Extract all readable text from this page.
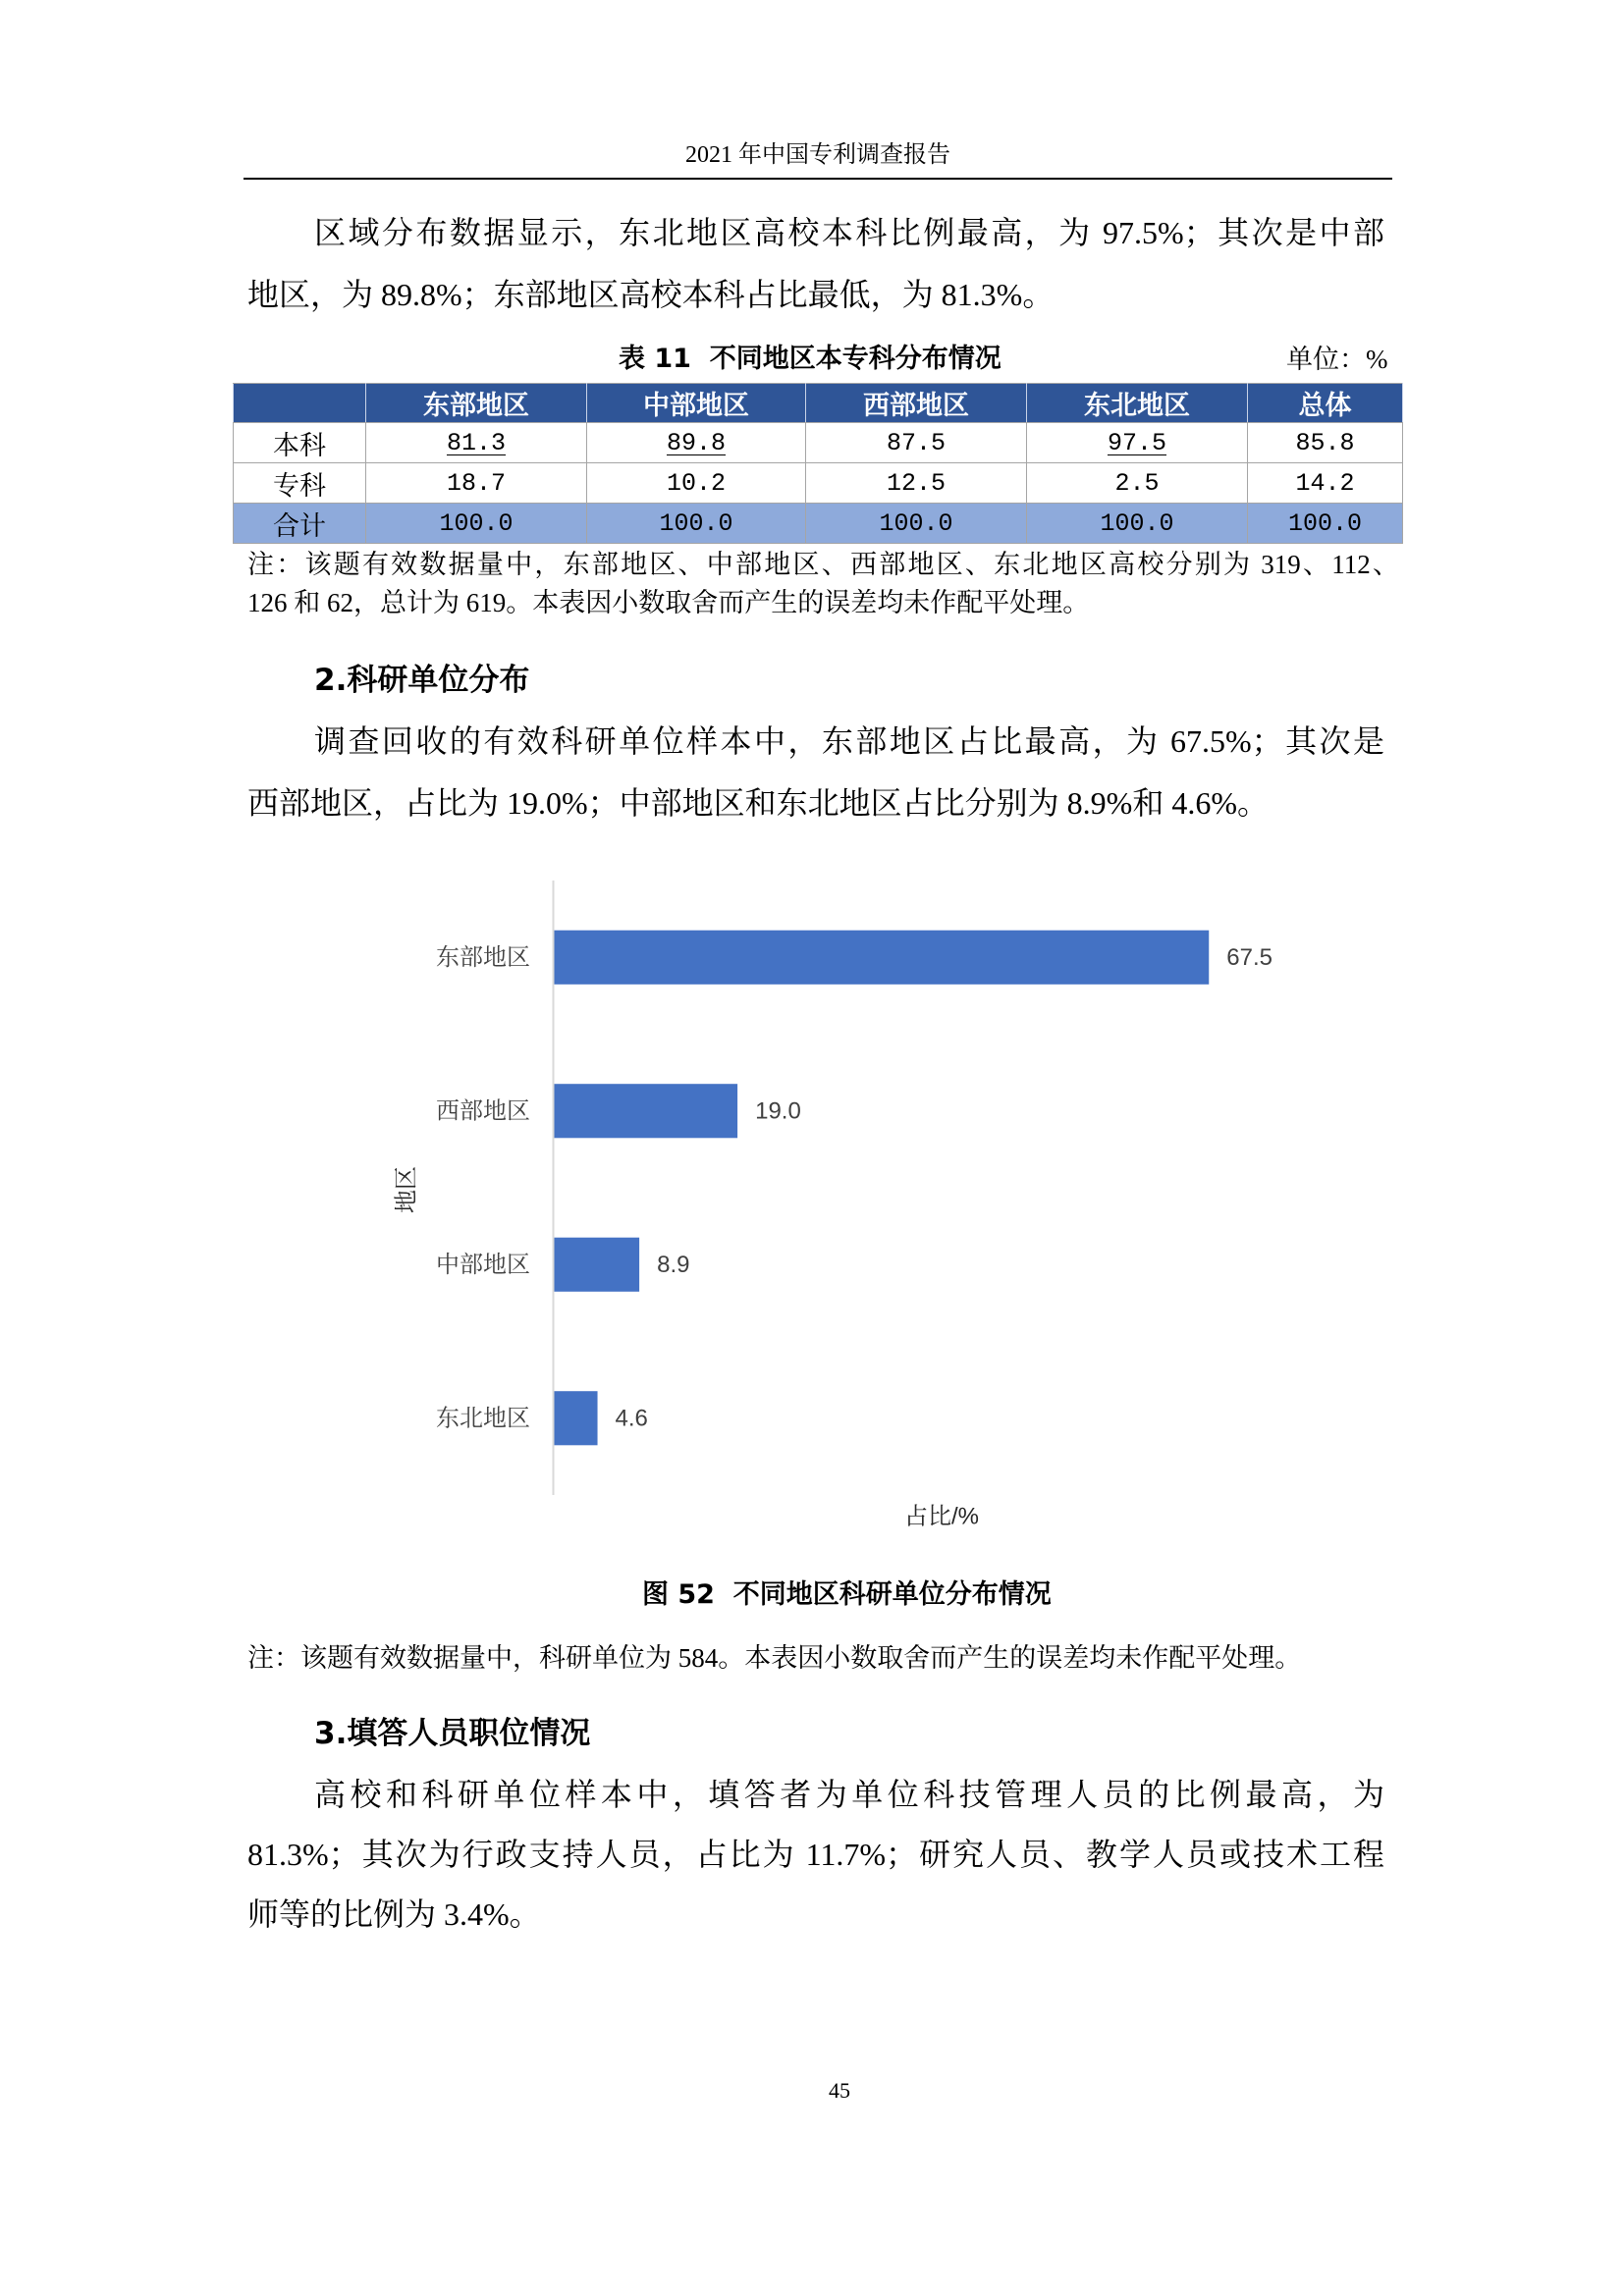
2021 年中国专利调查报告
区域分布数据显示，东北地区高校本科比例最高，为 97.5%；其次是中部
地区，为 89.8%；东部地区高校本科占比最低，为 81.3%。
表 11  不同地区本专科分布情况	单位：%
	东部地区	中部地区	西部地区	东北地区	总体
本科	81.3	89.8	87.5	97.5	85.8
专科	18.7	10.2	12.5	2.5	14.2
合计	100.0	100.0	100.0	100.0	100.0
注：该题有效数据量中，东部地区、中部地区、西部地区、东北地区高校分别为 319、112、
126 和 62，总计为 619。本表因小数取舍而产生的误差均未作配平处理。
2.科研单位分布
调查回收的有效科研单位样本中，东部地区占比最高，为 67.5%；其次是
西部地区，占比为 19.0%；中部地区和东北地区占比分别为 8.9%和 4.6%。
占比/%
地区
东部地区	67.5
西部地区	19.0
中部地区	8.9
东北地区	4.6
图 52  不同地区科研单位分布情况
注：该题有效数据量中，科研单位为 584。本表因小数取舍而产生的误差均未作配平处理。
3.填答人员职位情况
高校和科研单位样本中，填答者为单位科技管理人员的比例最高，为
81.3%；其次为行政支持人员，占比为 11.7%；研究人员、教学人员或技术工程
师等的比例为 3.4%。
45
